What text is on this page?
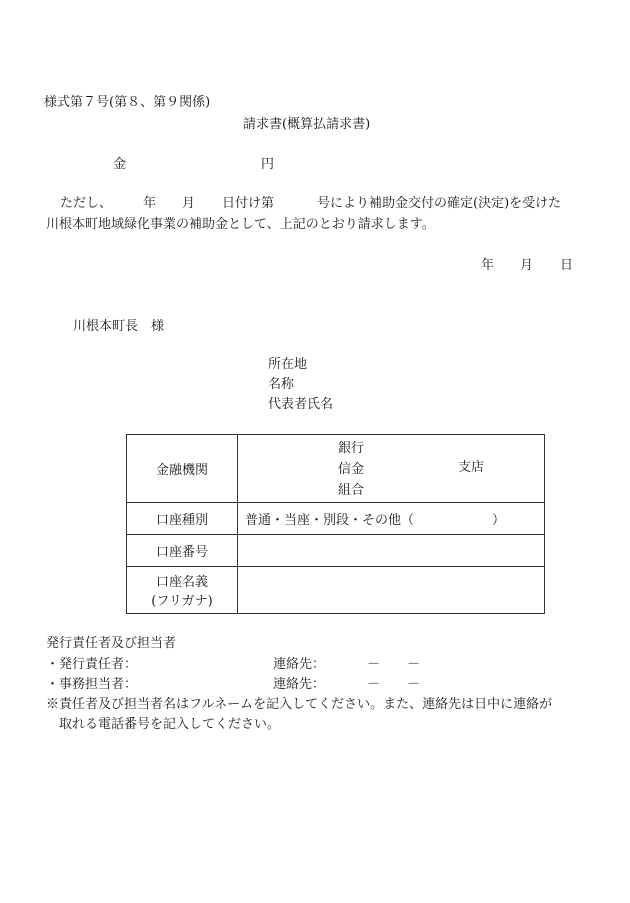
様式第７号(第８、第９関係)
請求書(概算払請求書)
金	円
ただし、 年 月 日付け第	号により補助金交付の確定(決定)を受けた
川根本町地域緑化事業の補助金として、上記のとおり請求します。
年 月 日
川根本町長　様
所在地
名称
代表者氏名
金融機関	銀行
信金
組合
支店

口座種別	普通・当座・別段・その他（　　　　　　）
口座番号	

口座名義
(フリガナ)	

発行責任者及び担当者
・発行責任者：	連絡先：	－ －
・事務担当者：	連絡先：	－ －
※責任者及び担当者名はフルネームを記入してください。また、連絡先は日中に連絡が
取れる電話番号を記入してください。
